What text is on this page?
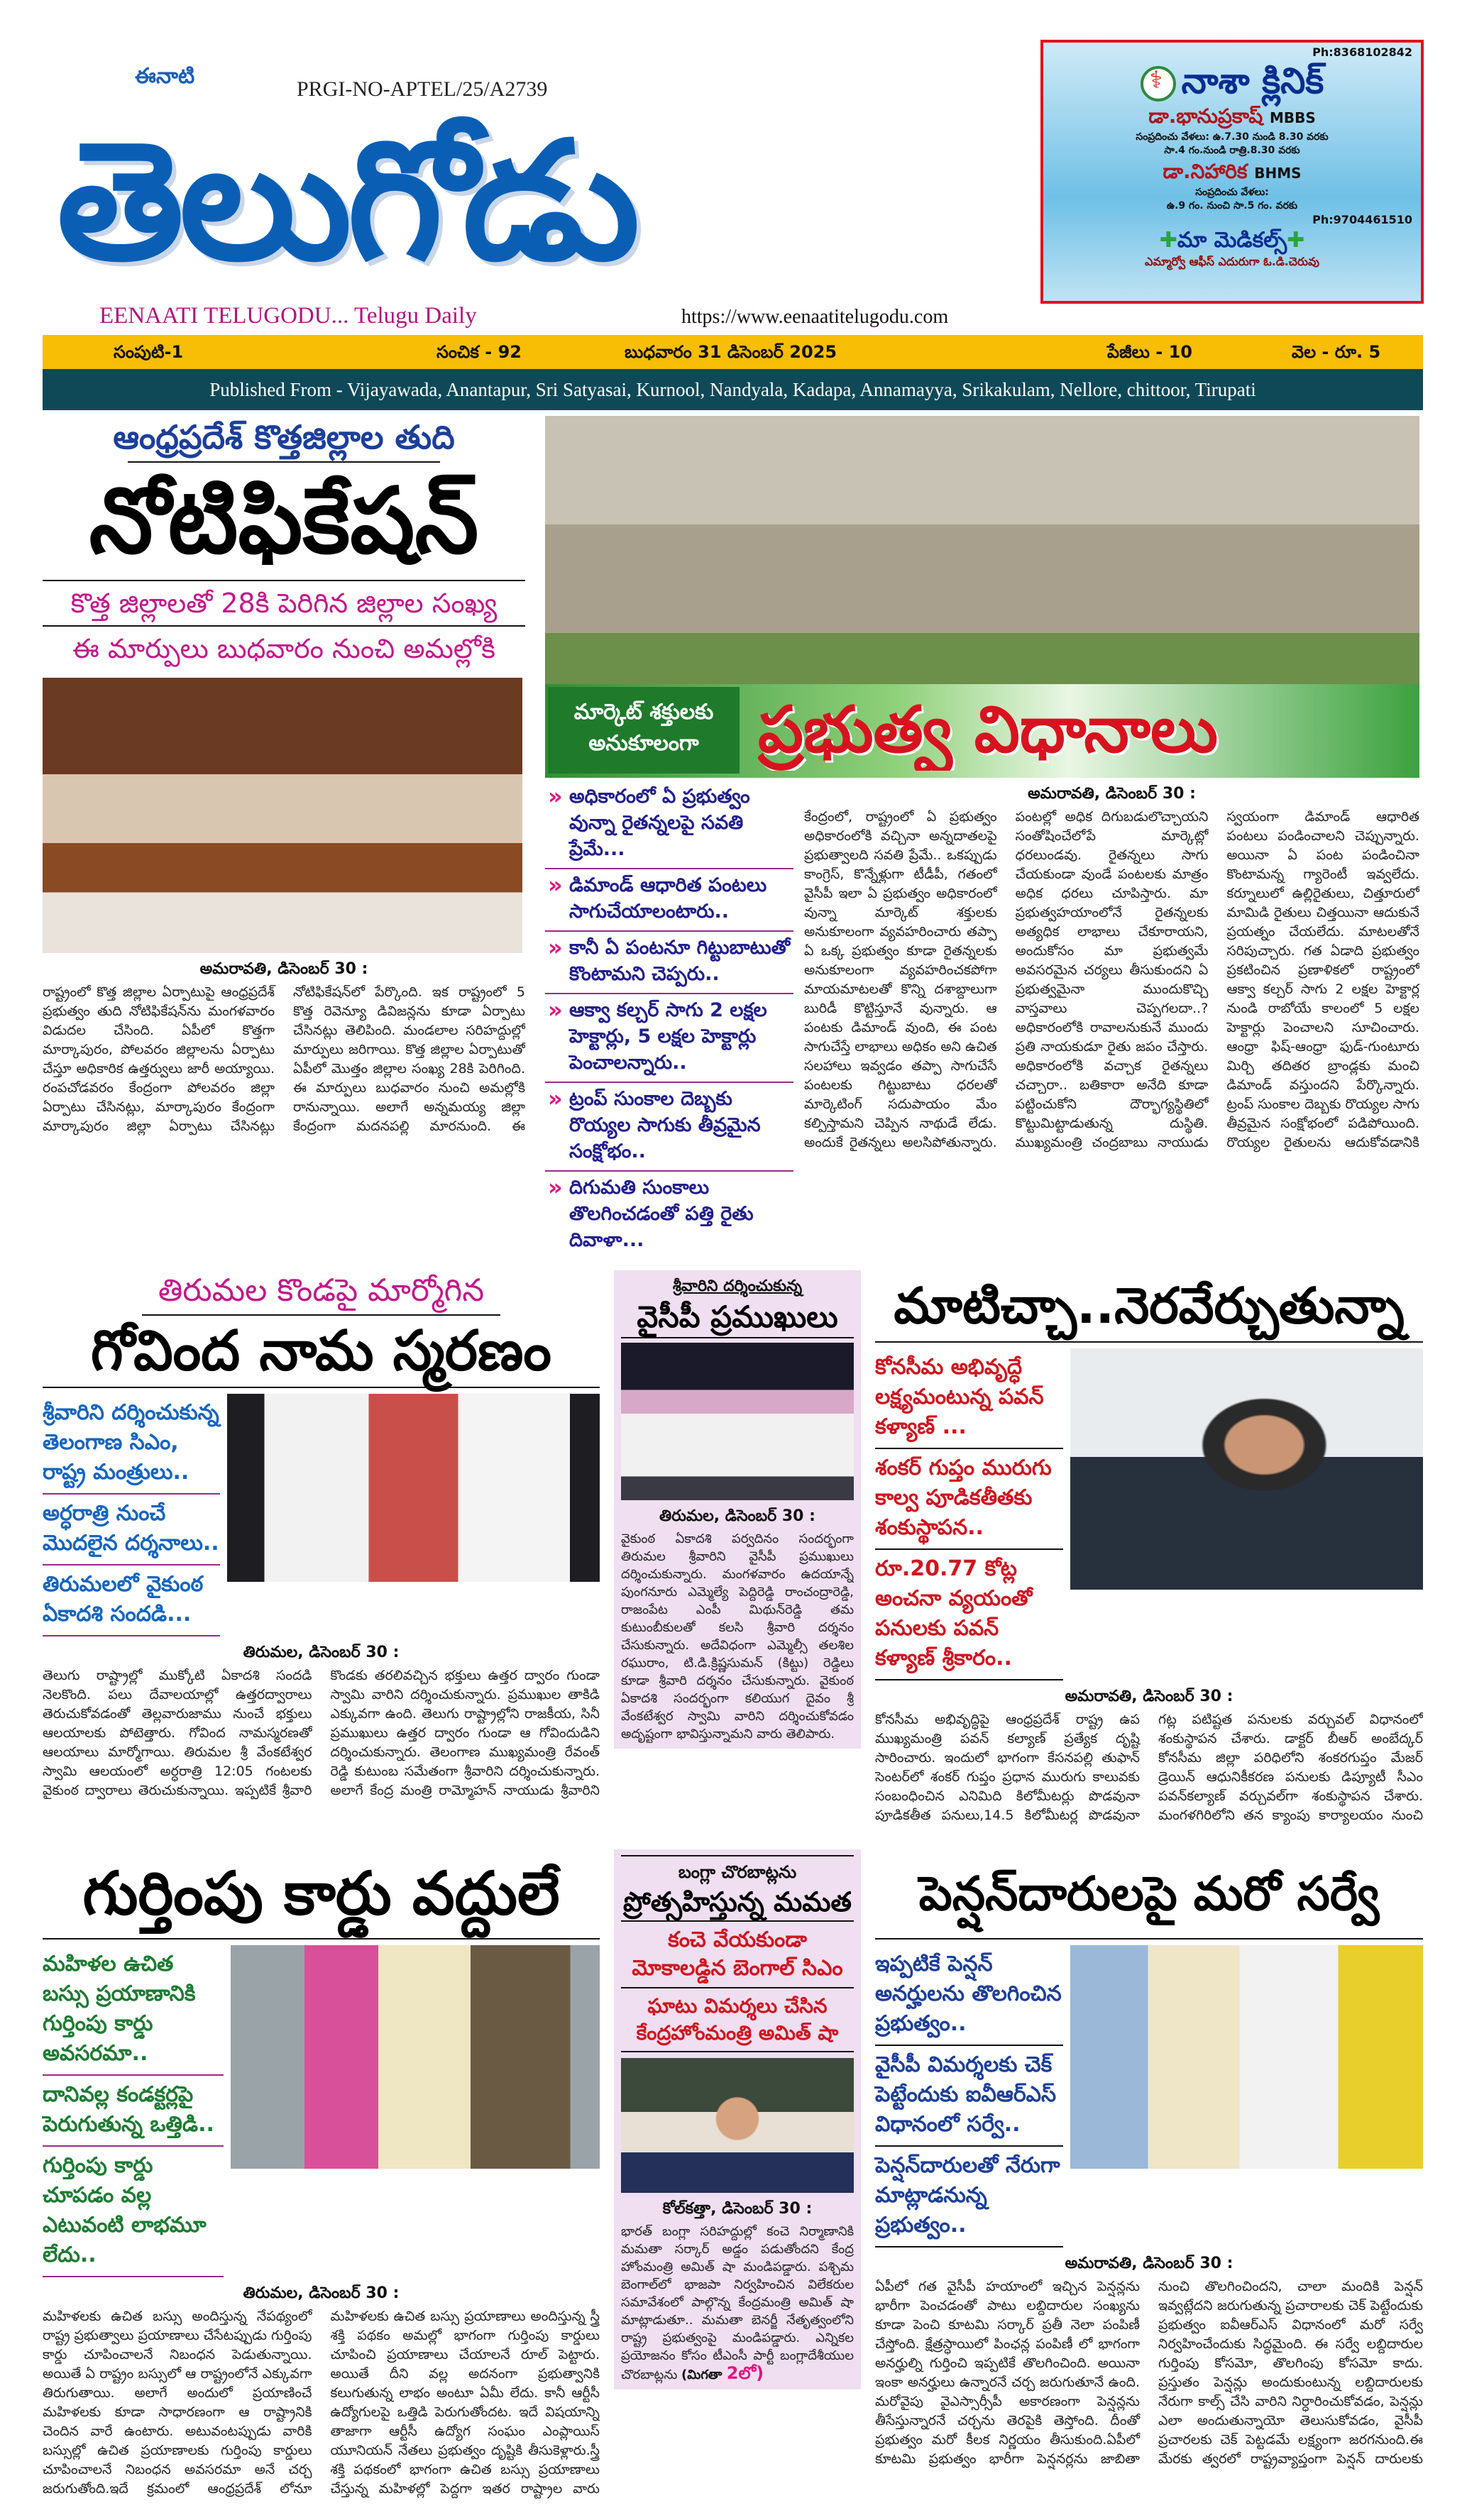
ఈనాటి
PRGI-NO-APTEL/25/A2739
తెలుగోడు
EENAATI TELUGODU... Telugu Daily	https://www.eenaatitelugodu.com
Ph:8368102842
⚕నాశా క్లినిక్
డా.భానుప్రకాష్ MBBS
సంప్రదించు వేళలు: ఉ.7.30 నుండి 8.30 వరకు
సా.4 గం.నుండి రాత్రి.8.30 వరకు
డా.నిహారిక BHMS
సంప్రదించు వేళలు:
ఉ.9 గం. నుంచి సా.5 గం. వరకు
Ph:9704461510
✚మా మెడికల్స్✚
ఎమ్మార్వో ఆఫీస్ ఎదురుగా ఓ.డి.చెరువు
సంపుటి-1	సంచిక - 92	బుధవారం 31 డిసెంబర్ 2025	పేజీలు - 10	వెల - రూ. 5
Published From - Vijayawada, Anantapur, Sri Satyasai, Kurnool, Nandyala, Kadapa, Annamayya, Srikakulam, Nellore, chittoor, Tirupati
ఆంధ్రప్రదేశ్ కొత్తజిల్లాల తుది
నోటిఫికేషన్
కొత్త జిల్లాలతో 28కి పెరిగిన జిల్లాల సంఖ్య
ఈ మార్పులు బుధవారం నుంచి అమల్లోకి
అమరావతి, డిసెంబర్ 30 :
రాష్ట్రంలో కొత్త జిల్లాల ఏర్పాటుపై ఆంధ్రప్రదేశ్ ప్రభుత్వం తుది నోటిఫికేషన్‌ను మంగళవారం విడుదల చేసింది. ఏపీలో కొత్తగా మార్కాపురం, పోలవరం జిల్లాలను ఏర్పాటు చేస్తూ అధికారిక ఉత్తర్వులు జారీ అయ్యాయి. రంపచోడవరం కేంద్రంగా పోలవరం జిల్లా ఏర్పాటు చేసినట్లు, మార్కాపురం కేంద్రంగా మార్కాపురం జిల్లా ఏర్పాటు చేసినట్లు నోటిఫికేషన్‌లో పేర్కొంది. ఇక రాష్ట్రంలో 5 కొత్త రెవెన్యూ డివిజన్లను కూడా ఏర్పాటు చేసినట్లు తెలిపింది. మండలాల సరిహద్దుల్లో మార్పులు జరిగాయి. కొత్త జిల్లాల ఏర్పాటుతో ఏపీలో మొత్తం జిల్లాల సంఖ్య 28కి పెరిగింది. ఈ మార్పులు బుధవారం నుంచి అమల్లోకి రానున్నాయి. అలాగే అన్నమయ్య జిల్లా కేంద్రంగా మదనపల్లి మారనుంది. ఈ
మార్కెట్ శక్తులకు అనుకూలంగా ప్రభుత్వ విధానాలు
» అధికారంలో ఏ ప్రభుత్వం వున్నా రైతన్నలపై సవతి ప్రేమే...
» డిమాండ్ ఆధారిత పంటలు సాగుచేయాలంటారు..
» కానీ ఏ పంటనూ గిట్టుబాటుతో కొంటామని చెప్పరు..
» ఆక్వా కల్చర్ సాగు 2 లక్షల హెక్టార్లు, 5 లక్షల హెక్టార్లు పెంచాలన్నారు..
» ట్రంప్ సుంకాల దెబ్బకు రొయ్యల సాగుకు తీవ్రమైన సంక్షోభం..
» దిగుమతి సుంకాలు తొలగించడంతో పత్తి రైతు దివాళా...
అమరావతి, డిసెంబర్ 30 :
కేంద్రంలో, రాష్ట్రంలో ఏ ప్రభుత్వం అధికారంలోకి వచ్చినా అన్నదాతలపై ప్రభుత్వాలది సవతి ప్రేమే.. ఒకప్పుడు కాంగ్రెస్, కొన్నేళ్లుగా టీడీపీ, గతంలో వైసీపీ ఇలా ఏ ప్రభుత్వం అధికారంలో వున్నా మార్కెట్ శక్తులకు అనుకూలంగా వ్యవహరించారు తప్పా ఏ ఒక్క ప్రభుత్వం కూడా రైతన్నలకు అనుకూలంగా వ్యవహరించకపోగా మాయమాటలతో కొన్ని దశాబ్దాలుగా బురిడీ కొట్టిస్తూనే వున్నారు. ఆ పంటకు డిమాండ్ వుంది, ఈ పంట సాగుచేస్తే లాభాలు అధికం అని ఉచిత సలహాలు ఇవ్వడం తప్పా సాగుచేసే పంటలకు గిట్టుబాటు ధరలతో మార్కెటింగ్ సదుపాయం మేం కల్పిస్తామని చెప్పిన నాథుడే లేడు. అందుకే రైతన్నలు అలసిపోతున్నారు. పంటల్లో అధిక దిగుబడులొచ్చాయని సంతోషించేలోపే మార్కెట్లో ధరలుండవు. రైతన్నలు సాగు చేయకుండా వుండే పంటలకు మాత్రం అధిక ధరలు చూపిస్తారు. మా ప్రభుత్వహయాంలోనే రైతన్నలకు అత్యధిక లాభాలు చేకూరాయని, అందుకోసం మా ప్రభుత్వమే అవసరమైన చర్యలు తీసుకుందని ఏ ప్రభుత్వమైనా ముందుకొచ్చి వాస్తవాలు చెప్పగలదా..? అధికారంలోకి రావాలనుకునే ముందు ప్రతి నాయకుడూ రైతు జపం చేస్తారు. అధికారంలోకి వచ్చాక రైతన్నలు చచ్చారా.. బతికారా అనేది కూడా పట్టించుకోని దౌర్భాగ్యస్థితిలో కొట్టుమిట్టాడుతున్న దుస్థితి. ముఖ్యమంత్రి చంద్రబాబు నాయుడు స్వయంగా డిమాండ్ ఆధారిత పంటలు పండించాలని చెప్పున్నారు. అయినా ఏ పంట పండించినా కొంటామన్న గ్యారెంటీ ఇవ్వలేదు. కర్నూలులో ఉల్లిరైతులు, చిత్తూరులో మామిడి రైతులు చిత్తయినా ఆదుకునే ప్రయత్నం చేయలేదు. మాటలతోనే సరిపుచ్చారు. గత ఏడాది ప్రభుత్వం ప్రకటించిన ప్రణాళికలో రాష్ట్రంలో ఆక్వా కల్చర్ సాగు 2 లక్షల హెక్టార్ల నుండి రాబోయే కాలంలో 5 లక్షల హెక్టార్లు పెంచాలని సూచించారు. ఆంధ్రా ఫిష్-ఆంధ్రా ఫుడ్-గుంటూరు మిర్చి తదితర బ్రాండ్లకు మంచి డిమాండ్ వస్తుందని పేర్కొన్నారు. ట్రంప్ సుంకాల దెబ్బకు రొయ్యల సాగు తీవ్రమైన సంక్షోభంలో పడిపోయింది. రొయ్యల రైతులను ఆదుకోవడానికి
తిరుమల కొండపై మార్మోగిన
గోవింద నామ స్మరణం
శ్రీవారిని దర్శించుకున్న తెలంగాణ సిఎం, రాష్ట్ర మంత్రులు..
అర్ధరాత్రి నుంచే మొదలైన దర్శనాలు..
తిరుమలలో వైకుంఠ ఏకాదశి సందడి...
తిరుమల, డిసెంబర్ 30 :
తెలుగు రాష్ట్రాల్లో ముక్కోటి ఏకాదశి సందడి నెలకొంది. పలు దేవాలయాల్లో ఉత్తరద్వారాలు తెరుచుకోవడంతో తెల్లవారుజాము నుంచే భక్తులు ఆలయాలకు పోటెత్తారు. గోవింద నామస్మరణతో ఆలయాలు మార్మోగాయి. తిరుమల శ్రీ వేంకటేశ్వర స్వామి ఆలయంలో అర్ధరాత్రి 12:05 గంటలకు వైకుంఠ ద్వారాలు తెరుచుకున్నాయి. ఇప్పటికే శ్రీవారి కొండకు తరలివచ్చిన భక్తులు ఉత్తర ద్వారం గుండా స్వామి వారిని దర్శించుకున్నారు. ప్రముఖుల తాకిడి ఎక్కువగా ఉంది. తెలుగు రాష్ట్రాల్లోని రాజకీయ, సినీ ప్రముఖులు ఉత్తర ద్వారం గుండా ఆ గోవిందుడిని దర్శించుకున్నారు. తెలంగాణ ముఖ్యమంత్రి రేవంత్ రెడ్డి కుటుంబ సమేతంగా శ్రీవారిని దర్శించుకున్నారు. అలాగే కేంద్ర మంత్రి రామ్మోహన్ నాయుడు శ్రీవారిని
శ్రీవారిని దర్శించుకున్న
వైసీపీ ప్రముఖులు
తిరుమల, డిసెంబర్ 30 :
వైకుంఠ ఏకాదశి పర్వదినం సందర్భంగా తిరుమల శ్రీవారిని వైసీపీ ప్రముఖులు దర్శించుకున్నారు. మంగళవారం ఉదయాన్నే పుంగనూరు ఎమ్మెల్యే పెద్దిరెడ్డి రాంచంద్రారెడ్డి, రాజంపేట ఎంపీ మిథున్‌రెడ్డి తమ కుటుంబీకులతో కలసి శ్రీవారి దర్శనం చేసుకున్నారు. అదేవిధంగా ఎమ్మెల్సీ తలశిల రఘురాం, టి.డి.క్రిష్ణసుమన్ (కిట్టు) రెడ్డిలు కూడా శ్రీవారి దర్శనం చేసుకున్నారు. వైకుంఠ ఏకాదశి సందర్భంగా కలియుగ దైవం శ్రీ వేంకటేశ్వర స్వామి వారిని దర్శించుకోవడం అదృష్టంగా భావిస్తున్నామని వారు తెలిపారు.
మాటిచ్చా..నెరవేర్చుతున్నా
కోనసీమ అభివృద్ధే లక్ష్యమంటున్న పవన్ కళ్యాణ్ ...
శంకర్ గుప్తం మురుగు కాల్వ పూడికతీతకు శంకుస్థాపన..
రూ.20.77 కోట్ల అంచనా వ్యయంతో పనులకు పవన్ కళ్యాణ్ శ్రీకారం..
అమరావతి, డిసెంబర్ 30 :
కోనసీమ అభివృద్ధిపై ఆంధ్రప్రదేశ్ రాష్ట్ర ఉప ముఖ్యమంత్రి పవన్ కల్యాణ్ ప్రత్యేక దృష్టి సారించారు. ఇందులో భాగంగా కేసనపల్లి తుఫాన్ సెంటర్‌లో శంకర్ గుప్తం ప్రధాన మురుగు కాలువకు సంబంధించిన ఎనిమిది కిలోమీటర్లు పొడవునా పూడికతీత పనులు,14.5 కిలోమీటర్ల పొడవునా గట్ల పటిష్టత పనులకు వర్చువల్ విధానంలో శంకుస్థాపన చేశారు. డాక్టర్ బీఆర్ అంబేద్కర్ కోనసీమ జిల్లా పరిధిలోని శంకరగుప్తం మేజర్ డ్రెయిన్ ఆధునికీకరణ పనులకు డిప్యూటీ సీఎం పవన్‌కల్యాణ్ వర్చువల్‌గా శంకుస్థాపన చేశారు. మంగళగిరిలోని తన క్యాంపు కార్యాలయం నుంచి
గుర్తింపు కార్డు వద్దులే
మహిళల ఉచిత బస్సు ప్రయాణానికి గుర్తింపు కార్డు అవసరమా..
దానివల్ల కండక్టర్లపై పెరుగుతున్న ఒత్తిడి..
గుర్తింపు కార్డు చూపడం వల్ల ఎటువంటి లాభమూ లేదు..
తిరుమల, డిసెంబర్ 30 :
మహిళలకు ఉచిత బస్సు అందిస్తున్న నేపథ్యంలో రాష్ట్ర ప్రభుత్వాలు ప్రయాణాలు చేసేటప్పుడు గుర్తింపు కార్డు చూపించాలనే నిబంధన పెడుతున్నాయి. అయితే ఏ రాష్ట్రం బస్సులో ఆ రాష్ట్రంలోనే ఎక్కువగా తిరుగుతాయి. అలాగే అందులో ప్రయాణించే మహిళలకు కూడా సాధారణంగా ఆ రాష్ట్రానికి చెందిన వారే ఉంటారు. అటువంటప్పుడు వారికి బస్సుల్లో ఉచిత ప్రయాణాలకు గుర్తింపు కార్డులు చూపించాలనే నిబంధన అవసరమా అనే చర్చ జరుగుతోంది.ఇదే క్రమంలో ఆంధ్రప్రదేశ్ లోనూ మహిళలకు ఉచిత బస్సు ప్రయాణాలు అందిస్తున్న స్త్రీ శక్తి పథకం అమల్లో భాగంగా గుర్తింపు కార్డులు చూపించి ప్రయాణాలు చేయాలనే రూల్ పెట్టారు. అయితే దీని వల్ల అదనంగా ప్రభుత్వానికి కలుగుతున్న లాభం అంటూ ఏమీ లేదు. కానీ ఆర్టీసీ ఉద్యోగులపై ఒత్తిడి పెరుగుతోందట. ఇదే విషయాన్ని తాజాగా ఆర్టీసీ ఉద్యోగ సంఘం ఎంప్లాయిస్ యూనియన్ నేతలు ప్రభుత్వం దృష్టికి తీసుకెళ్లారు.స్త్రీ శక్తి పథకంలో భాగంగా ఉచిత బస్సు ప్రయాణాలు చేస్తున్న మహిళల్లో పెద్దగా ఇతర రాష్ట్రాల వారు
బంగ్లా చొరబాట్లను
ప్రోత్సహిస్తున్న మమత
కంచె వేయకుండా మోకాలడ్డిన బెంగాల్ సిఎం
ఘాటు విమర్శలు చేసిన కేంద్రహోంమంత్రి అమిత్ షా
కోల్‌కత్తా, డిసెంబర్ 30 :
భారత్ బంగ్లా సరిహద్దుల్లో కంచె నిర్మాణానికి మమతా సర్కార్ అడ్డం పడుతోందని కేంద్ర హోంమంత్రి అమిత్ షా మండిపడ్డారు. పశ్చిమ బెంగాల్‌లో భాజపా నిర్వహించిన విలేకరుల సమావేశంలో పాల్గొన్న కేంద్రమంత్రి అమిత్ షా మాట్లాడుతూ.. మమతా బెనర్జీ నేతృత్వంలోని రాష్ట్ర ప్రభుత్వంపై మండిపడ్డారు. ఎన్నికల ప్రయోజనం కోసం టీఎంసీ పార్టీ బంగ్లాదేశీయుల చొరబాట్లను (మిగతా 2లో)
పెన్షన్‌దారులపై మరో సర్వే
ఇప్పటికే పెన్షన్ అనర్హులను తొలగించిన ప్రభుత్వం..
వైసీపీ విమర్శలకు చెక్ పెట్టేందుకు ఐవీఆర్ఎస్ విధానంలో సర్వే..
పెన్షన్‌దారులతో నేరుగా మాట్లాడనున్న ప్రభుత్వం..
అమరావతి, డిసెంబర్ 30 :
ఏపీలో గత వైసీపీ హయాంలో ఇచ్చిన పెన్షన్లను భారీగా పెంచడంతో పాటు లబ్దిదారుల సంఖ్యను కూడా పెంచి కూటమి సర్కార్ ప్రతీ నెలా పంపిణీ చేస్తోంది. క్షేత్రస్ధాయిలో పింఛన్ల పంపిణీ లో భాగంగా అనర్హుల్ని గుర్తించి ఇప్పటికే తొలగించింది. అయినా ఇంకా అనర్హులు ఉన్నారనే చర్చ జరుగుతూనే ఉంది. మరోవైపు వైఎస్సార్సీపీ అకారణంగా పెన్షన్లను తీసేస్తున్నారనే చర్చను తెరపైకి తెస్తోంది. దీంతో ప్రభుత్వం మరో కీలక నిర్ణయం తీసుకుంది.ఏపీలో కూటమి ప్రభుత్వం భారీగా పెన్షనర్లను జాబితా నుంచి తొలగించిందని, చాలా మందికి పెన్షన్ ఇవ్వట్లేదని జరుగుతున్న ప్రచారాలకు చెక్ పెట్టేందుకు ప్రభుత్వం ఐవీఆర్ఎస్ విధానంలో మరో సర్వే నిర్వహించేందుకు సిద్ధమైంది. ఈ సర్వే లబ్దిదారుల గుర్తింపు కోసమో, తొలగింపు కోసమో కాదు. ప్రస్తుతం పెన్షన్లు అందుకుంటున్న లబ్దిదారులకు నేరుగా కాల్స్ చేసి వారిని నిర్ధారించుకోవడం, పెన్షన్లు ఎలా అందుతున్నాయో తెలుసుకోవడం, వైసీపీ ప్రచారలకు చెక్ పెట్టడమే లక్ష్యంగా జరగనుంది.ఈ మేరకు త్వరలో రాష్ట్రవ్యాప్తంగా పెన్షన్ దారులకు
